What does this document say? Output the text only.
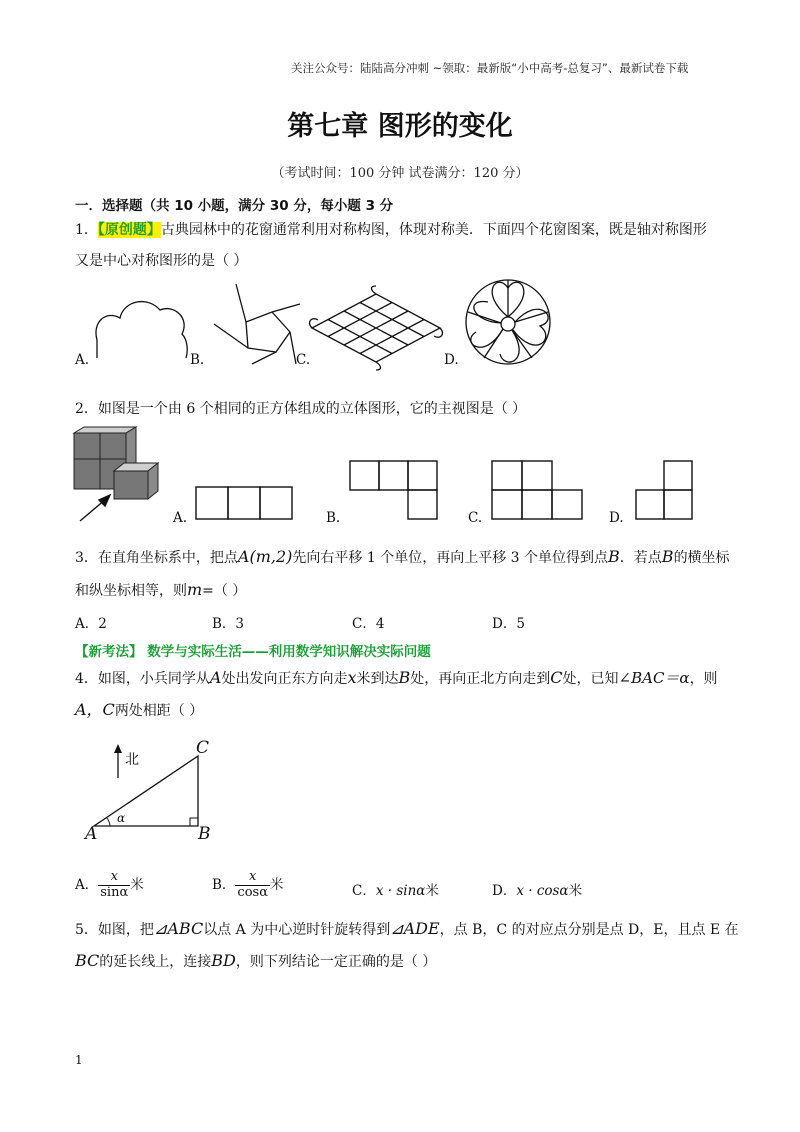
关注公众号：陆陆高分冲刺 ~领取：最新版“小中高考-总复习”、最新试卷下载
第七章 图形的变化
（考试时间：100 分钟 试卷满分：120 分）
一．选择题（共 10 小题，满分 30 分，每小题 3 分
1．【原创题】古典园林中的花窗通常利用对称构图，体现对称美．下面四个花窗图案，既是轴对称图形
又是中心对称图形的是（ ）
A.	B.	C.	D.
2．如图是一个由 6 个相同的正方体组成的立体图形，它的主视图是（ ）
A.	B.	C.	D.
3．在直角坐标系中，把点A(m,2)先向右平移 1 个单位，再向上平移 3 个单位得到点B．若点B的横坐标
和纵坐标相等，则m=（ ）
A．2	B．3	C．4	D．5
【新考法】 数学与实际生活——利用数学知识解决实际问题
4．如图，小兵同学从A处出发向正东方向走x米到达B处，再向正北方向走到C处，已知∠BAC＝α，则
A，C两处相距（ ）
北
C
A	B
α
A． $\frac{x}{\sin\alpha}$ 米	B． $\frac{x}{\cos\alpha}$ 米	C．x · sinα米	D．x · cosα米
5．如图，把⊿ABC以点 A 为中心逆时针旋转得到⊿ADE，点 B，C 的对应点分别是点 D，E，且点 E 在
BC的延长线上，连接BD，则下列结论一定正确的是（ ）
1
